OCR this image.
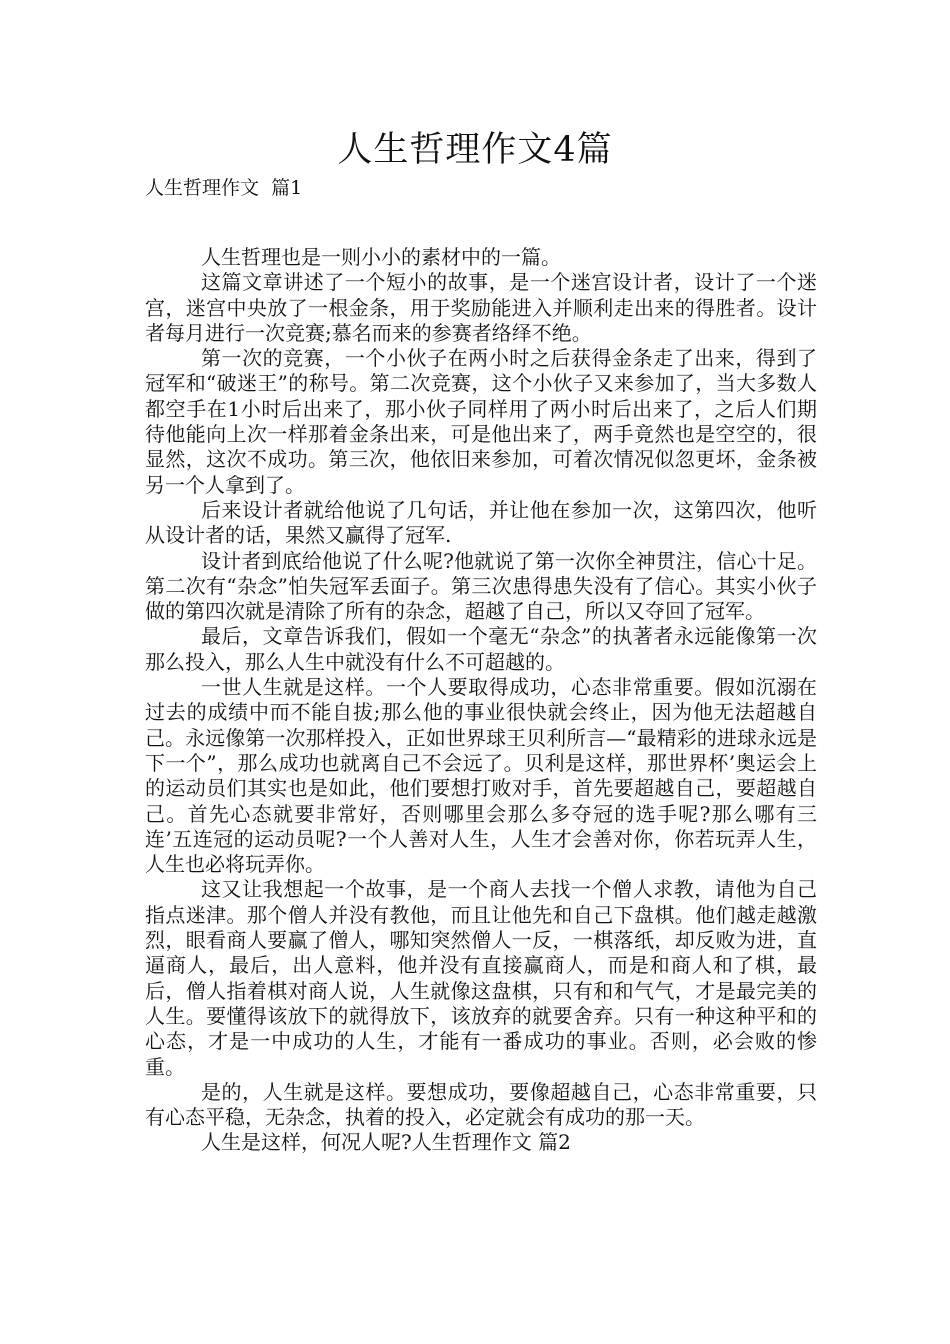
人生哲理作文4篇

人生哲理作文  篇1

人生哲理也是一则小小的素材中的一篇。

这篇文章讲述了一个短小的故事，是一个迷宫设计者，设计了一个迷宫，迷宫中央放了一根金条，用于奖励能进入并顺利走出来的得胜者。设计者每月进行一次竞赛;慕名而来的参赛者络绎不绝。

第一次的竞赛，一个小伙子在两小时之后获得金条走了出来，得到了冠军和“破迷王”的称号。第二次竞赛，这个小伙子又来参加了，当大多数人都空手在1小时后出来了，那小伙子同样用了两小时后出来了，之后人们期待他能向上次一样那着金条出来，可是他出来了，两手竟然也是空空的，很显然，这次不成功。第三次，他依旧来参加，可着次情况似忽更坏，金条被另一个人拿到了。

后来设计者就给他说了几句话，并让他在参加一次，这第四次，他听从设计者的话，果然又赢得了冠军.

设计者到底给他说了什么呢?他就说了第一次你全神贯注，信心十足。第二次有“杂念”怕失冠军丢面子。第三次患得患失没有了信心。其实小伙子做的第四次就是清除了所有的杂念，超越了自己，所以又夺回了冠军。

最后，文章告诉我们，假如一个毫无“杂念”的执著者永远能像第一次那么投入，那么人生中就没有什么不可超越的。

一世人生就是这样。一个人要取得成功，心态非常重要。假如沉溺在过去的成绩中而不能自拔;那么他的事业很快就会终止，因为他无法超越自己。永远像第一次那样投入，正如世界球王贝利所言—“最精彩的进球永远是下一个”，那么成功也就离自己不会远了。贝利是这样，那世界杯’奥运会上的运动员们其实也是如此，他们要想打败对手，首先要超越自己，要超越自己。首先心态就要非常好，否则哪里会那么多夺冠的选手呢?那么哪有三连’五连冠的运动员呢?一个人善对人生，人生才会善对你，你若玩弄人生，人生也必将玩弄你。

这又让我想起一个故事，是一个商人去找一个僧人求教，请他为自己指点迷津。那个僧人并没有教他，而且让他先和自己下盘棋。他们越走越激烈，眼看商人要赢了僧人，哪知突然僧人一反，一棋落纸，却反败为进，直逼商人，最后，出人意料，他并没有直接赢商人，而是和商人和了棋，最后，僧人指着棋对商人说，人生就像这盘棋，只有和和气气，才是最完美的人生。要懂得该放下的就得放下，该放弃的就要舍弃。只有一种这种平和的心态，才是一中成功的人生，才能有一番成功的事业。否则，必会败的惨重。

是的，人生就是这样。要想成功，要像超越自己，心态非常重要，只有心态平稳，无杂念，执着的投入，必定就会有成功的那一天。

人生是这样，何况人呢?人生哲理作文 篇2
